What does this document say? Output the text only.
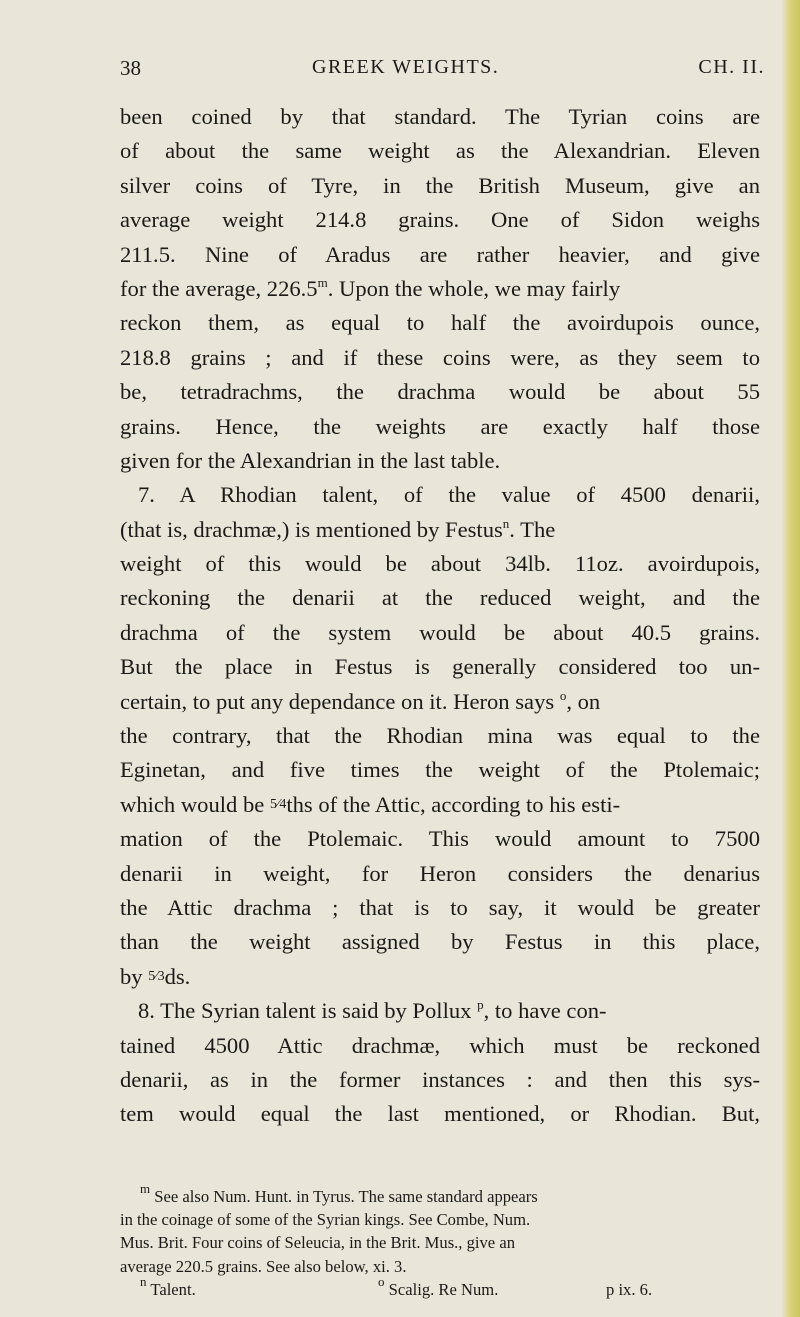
38	GREEK WEIGHTS.	CH. II.
been coined by that standard. The Tyrian coins are
of about the same weight as the Alexandrian. Eleven
silver coins of Tyre, in the British Museum, give an
average weight 214.8 grains. One of Sidon weighs
211.5. Nine of Aradus are rather heavier, and give
for the average, 226.5$^m$. Upon the whole, we may fairly
reckon them, as equal to half the avoirdupois ounce,
218.8 grains ; and if these coins were, as they seem to
be, tetradrachms, the drachma would be about 55
grains. Hence, the weights are exactly half those
given for the Alexandrian in the last table.
7. A Rhodian talent, of the value of 4500 denarii,
(that is, drachmæ,) is mentioned by Festus$^n$. The
weight of this would be about 34lb. 11oz. avoirdupois,
reckoning the denarii at the reduced weight, and the
drachma of the system would be about 40.5 grains.
But the place in Festus is generally considered too un-
certain, to put any dependance on it. Heron says $^o$, on
the contrary, that the Rhodian mina was equal to the
Eginetan, and five times the weight of the Ptolemaic;
which would be 5⁄4ths of the Attic, according to his esti-
mation of the Ptolemaic. This would amount to 7500
denarii in weight, for Heron considers the denarius
the Attic drachma ; that is to say, it would be greater
than the weight assigned by Festus in this place,
by 5⁄3ds.
8. The Syrian talent is said by Pollux $^p$, to have con-
tained 4500 Attic drachmæ, which must be reckoned
denarii, as in the former instances : and then this sys-
tem would equal the last mentioned, or Rhodian. But,
$^m$ See also Num. Hunt. in Tyrus. The same standard appears
in the coinage of some of the Syrian kings. See Combe, Num.
Mus. Brit. Four coins of Seleucia, in the Brit. Mus., give an
average 220.5 grains. See also below, xi. 3.
$^n$ Talent.	$^o$ Scalig. Re Num.	p ix. 6.
